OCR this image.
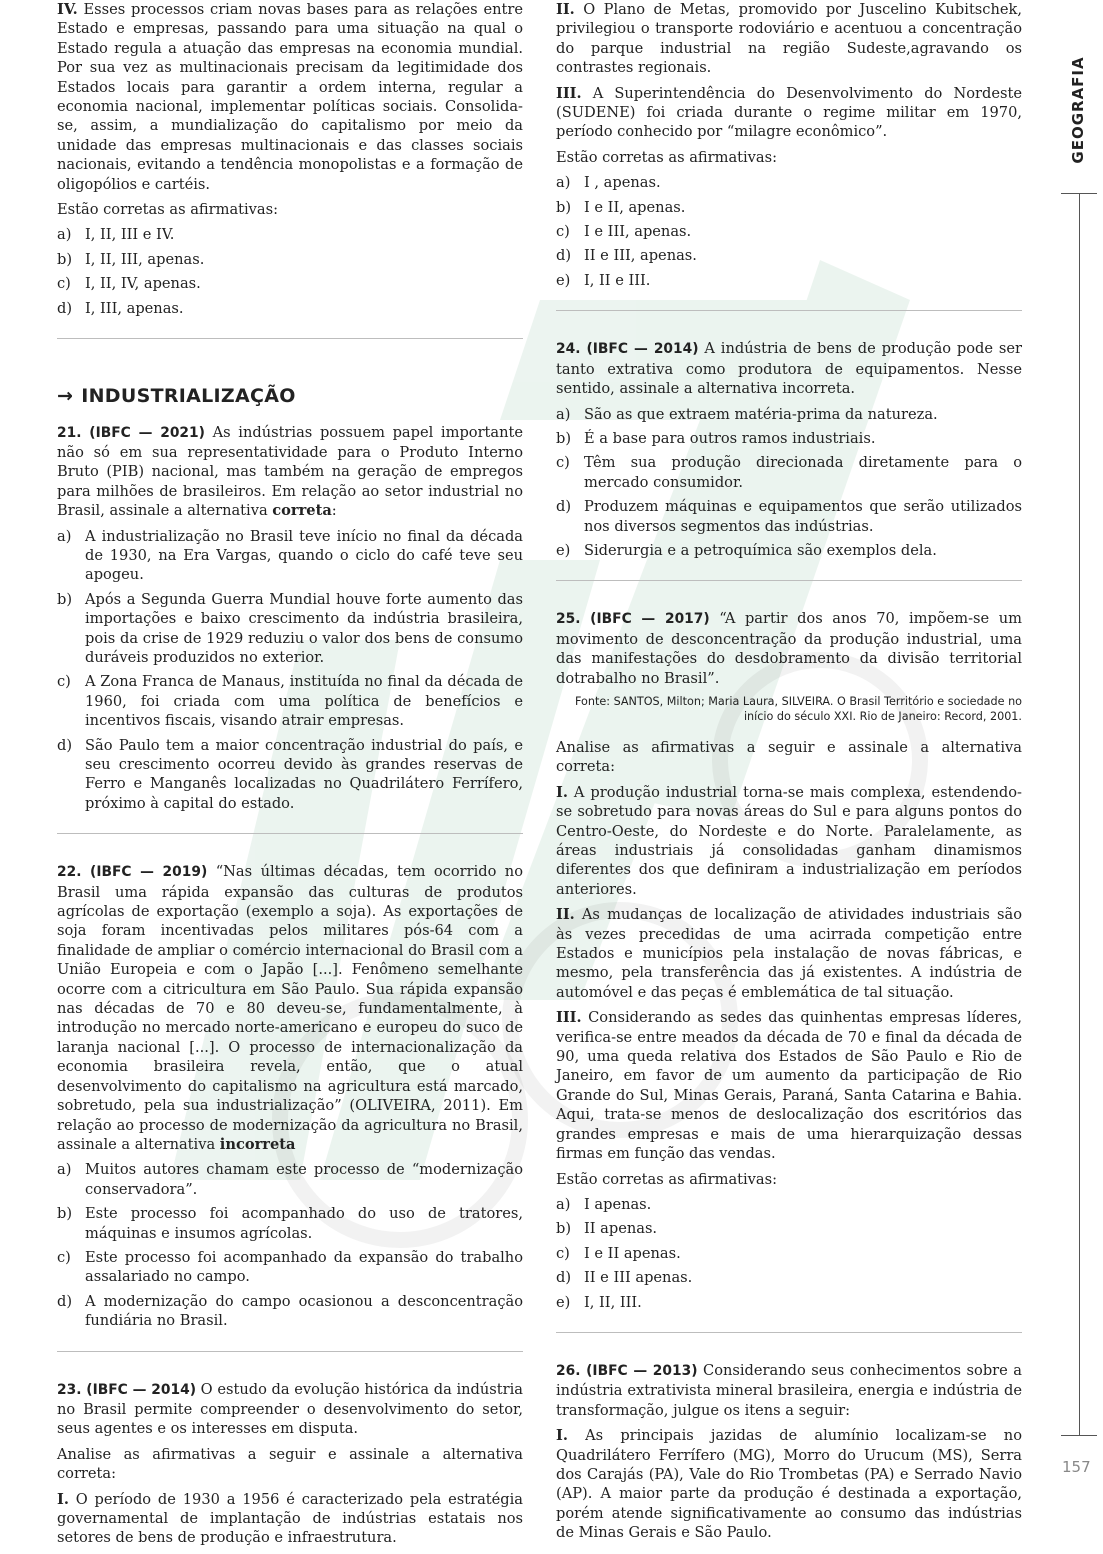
GEOGRAFIA
157

IV. Esses processos criam novas bases para as relações entre Estado e empresas, passando para uma situação na qual o Estado regula a atuação das empresas na economia mundial. Por sua vez as multinacionais precisam da legitimidade dos Estados locais para garantir a ordem interna, regular a economia nacional, implementar políticas sociais. Consolida-se, assim, a mundialização do capitalismo por meio da unidade das empresas multinacionais e das classes sociais nacionais, evitando a tendência monopolistas e a formação de oligopólios e cartéis.

Estão corretas as afirmativas:

a) I, II, III e IV.
b) I, II, III, apenas.
c) I, II, IV, apenas.
d) I, III, apenas.
→ INDUSTRIALIZAÇÃO

21. (IBFC — 2021) As indústrias possuem papel importante não só em sua representatividade para o Produto Interno Bruto (PIB) nacional, mas também na geração de empregos para milhões de brasileiros. Em relação ao setor industrial no Brasil, assinale a alternativa correta:

a) A industrialização no Brasil teve início no final da década de 1930, na Era Vargas, quando o ciclo do café teve seu apogeu.
b) Após a Segunda Guerra Mundial houve forte aumento das importações e baixo crescimento da indústria brasileira, pois da crise de 1929 reduziu o valor dos bens de consumo duráveis produzidos no exterior.
c) A Zona Franca de Manaus, instituída no final da década de 1960, foi criada com uma política de benefícios e incentivos fiscais, visando atrair empresas.
d) São Paulo tem a maior concentração industrial do país, e seu crescimento ocorreu devido às grandes reservas de Ferro e Manganês localizadas no Quadrilátero Ferrífero, próximo à capital do estado.

22. (IBFC — 2019) “Nas últimas décadas, tem ocorrido no Brasil uma rápida expansão das culturas de produtos agrícolas de exportação (exemplo a soja). As exportações de soja foram incentivadas pelos militares pós-64 com a finalidade de ampliar o comércio internacional do Brasil com a União Europeia e com o Japão [...]. Fenômeno semelhante ocorre com a citricultura em São Paulo. Sua rápida expansão nas décadas de 70 e 80 deveu-se, fundamentalmente, à introdução no mercado norte-americano e europeu do suco de laranja nacional [...]. O processo de internacionalização da economia brasileira revela, então, que o atual desenvolvimento do capitalismo na agricultura está marcado, sobretudo, pela sua industrialização” (OLIVEIRA, 2011). Em relação ao processo de modernização da agricultura no Brasil, assinale a alternativa incorreta

a) Muitos autores chamam este processo de “modernização conservadora”.
b) Este processo foi acompanhado do uso de tratores, máquinas e insumos agrícolas.
c) Este processo foi acompanhado da expansão do trabalho assalariado no campo.
d) A modernização do campo ocasionou a desconcentração fundiária no Brasil.

23. (IBFC — 2014) O estudo da evolução histórica da indústria no Brasil permite compreender o desenvolvimento do setor, seus agentes e os interesses em disputa.

Analise as afirmativas a seguir e assinale a alternativa correta:

I. O período de 1930 a 1956 é caracterizado pela estratégia governamental de implantação de indústrias estatais nos setores de bens de produção e infraestrutura.

II. O Plano de Metas, promovido por Juscelino Kubitschek, privilegiou o transporte rodoviário e acentuou a concentração do parque industrial na região Sudeste,agravando os contrastes regionais.

III. A Superintendência do Desenvolvimento do Nordeste (SUDENE) foi criada durante o regime militar em 1970, período conhecido por “milagre econômico”.

Estão corretas as afirmativas:

a) I , apenas.
b) I e II, apenas.
c) I e III, apenas.
d) II e III, apenas.
e) I, II e III.

24. (IBFC — 2014) A indústria de bens de produção pode ser tanto extrativa como produtora de equipamentos. Nesse sentido, assinale a alternativa incorreta.

a) São as que extraem matéria-prima da natureza.
b) É a base para outros ramos industriais.
c) Têm sua produção direcionada diretamente para o mercado consumidor.
d) Produzem máquinas e equipamentos que serão utilizados nos diversos segmentos das indústrias.
e) Siderurgia e a petroquímica são exemplos dela.

25. (IBFC — 2017) “A partir dos anos 70, impõem-se um movimento de desconcentração da produção industrial, uma das manifestações do desdobramento da divisão territorial dotrabalho no Brasil”.

Fonte: SANTOS, Milton; Maria Laura, SILVEIRA. O Brasil Território e sociedade no início do século XXI. Rio de Janeiro: Record, 2001.

Analise as afirmativas a seguir e assinale a alternativa correta:

I. A produção industrial torna-se mais complexa, estendendo-se sobretudo para novas áreas do Sul e para alguns pontos do Centro-Oeste, do Nordeste e do Norte. Paralelamente, as áreas industriais já consolidadas ganham dinamismos diferentes dos que definiram a industrialização em períodos anteriores.

II. As mudanças de localização de atividades industriais são às vezes precedidas de uma acirrada competição entre Estados e municípios pela instalação de novas fábricas, e mesmo, pela transferência das já existentes. A indústria de automóvel e das peças é emblemática de tal situação.

III. Considerando as sedes das quinhentas empresas líderes, verifica-se entre meados da década de 70 e final da década de 90, uma queda relativa dos Estados de São Paulo e Rio de Janeiro, em favor de um aumento da participação de Rio Grande do Sul, Minas Gerais, Paraná, Santa Catarina e Bahia. Aqui, trata-se menos de deslocalização dos escritórios das grandes empresas e mais de uma hierarquização dessas firmas em função das vendas.

Estão corretas as afirmativas:

a) I apenas.
b) II apenas.
c) I e II apenas.
d) II e III apenas.
e) I, II, III.

26. (IBFC — 2013) Considerando seus conhecimentos sobre a indústria extrativista mineral brasileira, energia e indústria de transformação, julgue os itens a seguir:

I. As principais jazidas de alumínio localizam-se no Quadrilátero Ferrífero (MG), Morro do Urucum (MS), Serra dos Carajás (PA), Vale do Rio Trombetas (PA) e Serrado Navio (AP). A maior parte da produção é destinada a exportação, porém atende significativamente ao consumo das indústrias de Minas Gerais e São Paulo.
